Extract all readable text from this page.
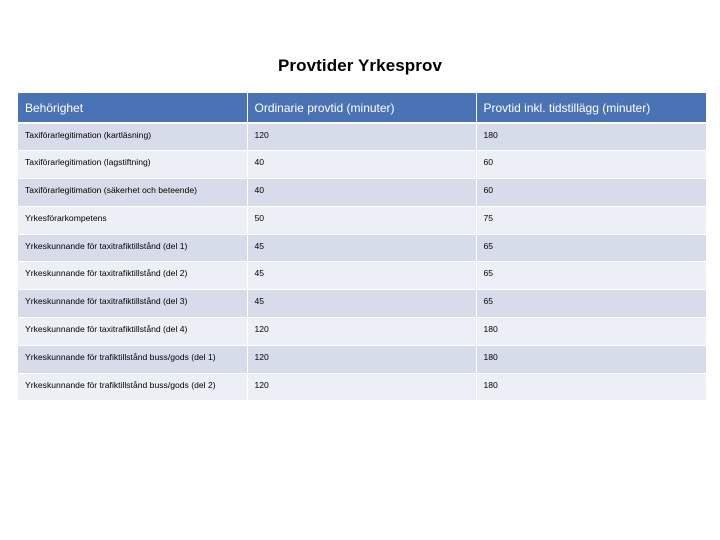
Provtider Yrkesprov
Behörighet	Ordinarie provtid (minuter)	Provtid inkl. tidstillägg (minuter)
Taxiförarlegitimation (kartläsning)	120	180
Taxiförarlegitimation (lagstiftning)	40	60
Taxiförarlegitimation (säkerhet och beteende)	40	60
Yrkesförarkompetens	50	75
Yrkeskunnande för taxitrafiktillstånd (del 1)	45	65
Yrkeskunnande för taxitrafiktillstånd (del 2)	45	65
Yrkeskunnande för taxitrafiktillstånd (del 3)	45	65
Yrkeskunnande för taxitrafiktillstånd (del 4)	120	180
Yrkeskunnande för trafiktillstånd buss/gods (del 1)	120	180
Yrkeskunnande för trafiktillstånd buss/gods (del 2)	120	180
